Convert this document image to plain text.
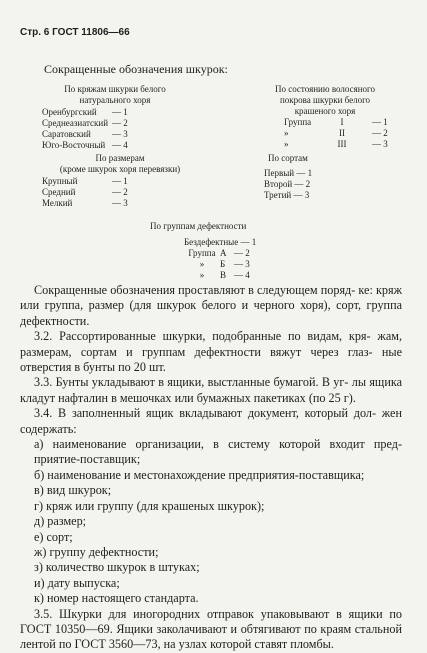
Стр. 6 ГОСТ 11806—66
Сокращенные обозначения шкурок:
По кряжам шкурки белого
натурального хоря
Оренбургский — 1
Среднеазиатский — 2
Саратовский — 3
Юго-Восточный — 4
По состоянию волосяного
покрова шкурки белого
крашеного хоря
Группа	I	— 1
»	II	— 2
»	III	— 3
По размерам
(кроме шкурок хоря перевязки)
Крупный	— 1
Средний	— 2
Мелкий	— 3
По сортам
Первый — 1
Второй — 2
Третий — 3
По группам дефектности
Бездефектные — 1
Группа А — 2
» Б — 3
» В — 4

Сокращенные обозначения проставляют в следующем поряд- ке: кряж или группа, размер (для шкурок белого и черного хоря), сорт, группа дефектности.

3.2. Рассортированные шкурки, подобранные по видам, кря- жам, размерам, сортам и группам дефектности вяжут через глаз- ные отверстия в бунты по 20 шт.

3.3. Бунты укладывают в ящики, выстланные бумагой. В уг- лы ящика кладут нафталин в мешочках или бумажных пакетиках (по 25 г).

3.4. В заполненный ящик вкладывают документ, который дол- жен содержать:

а) наименование организации, в систему которой входит пред- приятие-поставщик;

б) наименование и местонахождение предприятия-поставщика;

в) вид шкурок;

г) кряж или группу (для крашеных шкурок);

д) размер;

е) сорт;

ж) группу дефектности;

з) количество шкурок в штуках;

и) дату выпуска;

к) номер настоящего стандарта.

3.5. Шкурки для иногородних отправок упаковывают в ящики по ГОСТ 10350—69. Ящики заколачивают и обтягивают по краям стальной лентой по ГОСТ 3560—73, на узлах которой ставят пломбы.
